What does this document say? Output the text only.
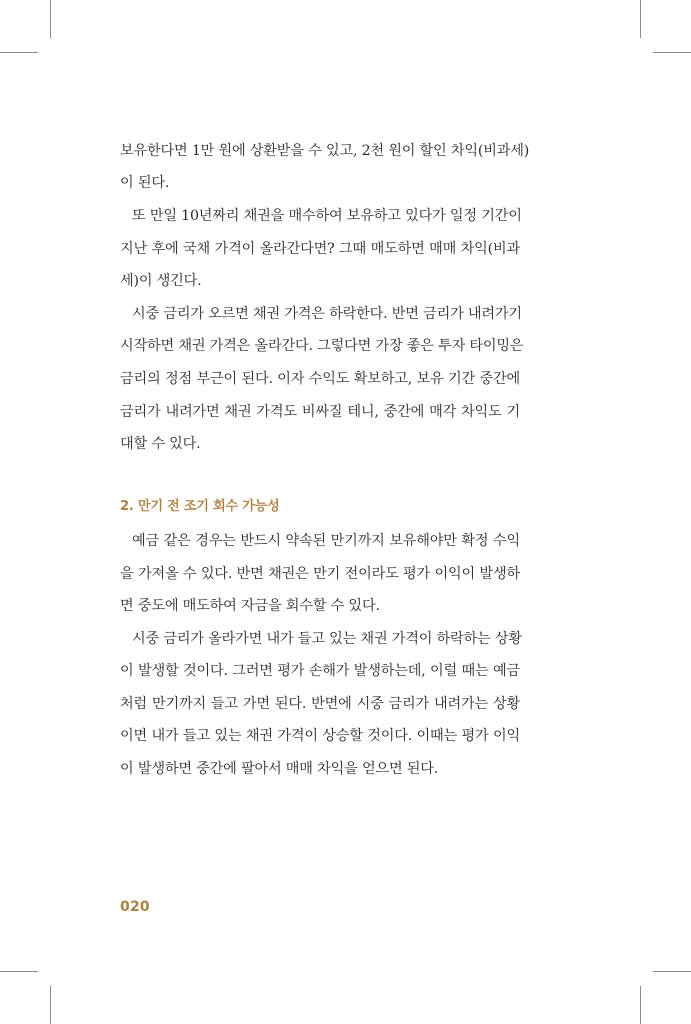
보유한다면 1만 원에 상환받을 수 있고, 2천 원이 할인 차익(비과세)
이 된다.
또 만일 10년짜리 채권을 매수하여 보유하고 있다가 일정 기간이
지난 후에 국채 가격이 올라간다면? 그때 매도하면 매매 차익(비과
세)이 생긴다.
시중 금리가 오르면 채권 가격은 하락한다. 반면 금리가 내려가기
시작하면 채권 가격은 올라간다. 그렇다면 가장 좋은 투자 타이밍은
금리의 정점 부근이 된다. 이자 수익도 확보하고, 보유 기간 중간에
금리가 내려가면 채권 가격도 비싸질 테니, 중간에 매각 차익도 기
대할 수 있다.
2. 만기 전 조기 회수 가능성
예금 같은 경우는 반드시 약속된 만기까지 보유해야만 확정 수익
을 가져올 수 있다. 반면 채권은 만기 전이라도 평가 이익이 발생하
면 중도에 매도하여 자금을 회수할 수 있다.
시중 금리가 올라가면 내가 들고 있는 채권 가격이 하락하는 상황
이 발생할 것이다. 그러면 평가 손해가 발생하는데, 이럴 때는 예금
처럼 만기까지 들고 가면 된다. 반면에 시중 금리가 내려가는 상황
이면 내가 들고 있는 채권 가격이 상승할 것이다. 이때는 평가 이익
이 발생하면 중간에 팔아서 매매 차익을 얻으면 된다.
020
